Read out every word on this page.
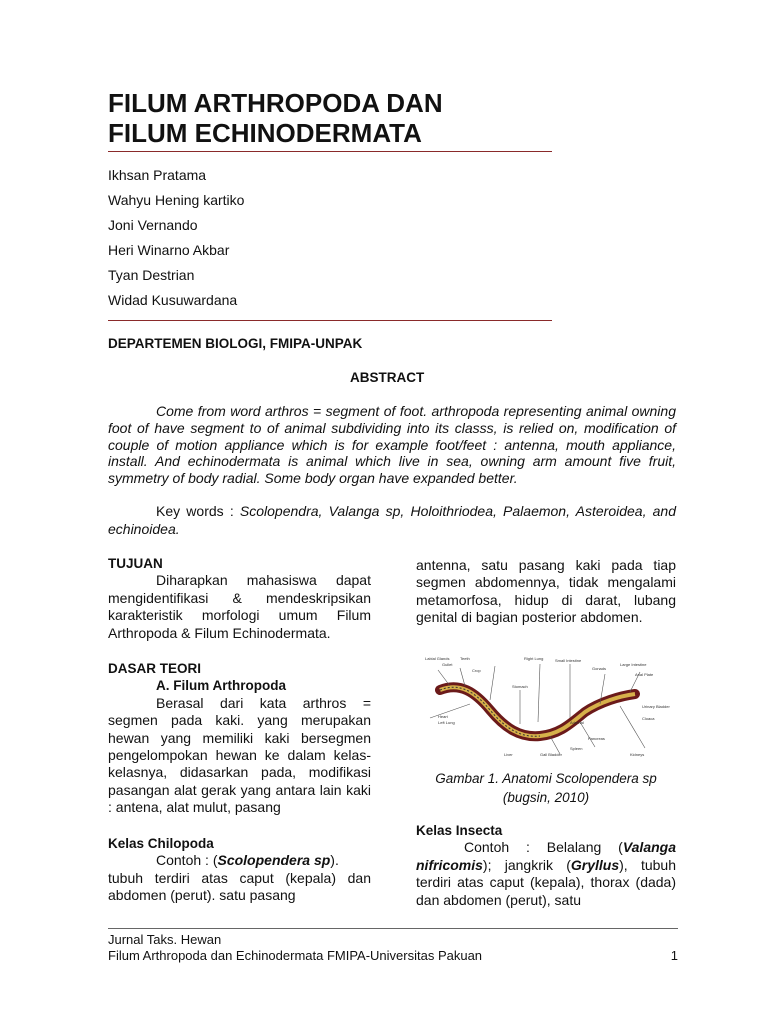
FILUM ARTHROPODA DAN
FILUM ECHINODERMATA
Ikhsan Pratama
Wahyu Hening kartiko
Joni Vernando
Heri Winarno Akbar
Tyan Destrian
Widad Kusuwardana
DEPARTEMEN BIOLOGI, FMIPA-UNPAK
ABSTRACT

Come from word arthros = segment of foot. arthropoda representing animal owning foot of have segment to of animal subdividing into its classs, is relied on, modification of couple of motion appliance which is for example foot/feet : antenna, mouth appliance, install. And echinodermata is animal which live in sea, owning arm amount five fruit, symmetry of body radial. Some body organ have expanded better.

Key words : Scolopendra, Valanga sp, Holoithriodea, Palaemon, Asteroidea, and echinoidea.
TUJUAN

Diharapkan mahasiswa dapat mengidentifikasi & mendeskripsikan karakteristik morfologi umum Filum Arthropoda & Filum Echinodermata.

DASAR TEORI
A. Filum Arthropoda

Berasal dari kata arthros = segmen pada kaki. yang merupakan hewan yang memiliki kaki bersegmen pengelompokan hewan ke dalam kelas-kelasnya, didasarkan pada, modifikasi pasangan alat gerak yang antara lain kaki : antena, alat mulut, pasang

Kelas Chilopoda

Contoh : (Scolopendera sp).

tubuh terdiri atas caput (kepala) dan abdomen (perut). satu pasang

antenna, satu pasang kaki pada tiap segmen abdomennya, tidak mengalami metamorfosa, hidup di darat, lubang genital di bagian posterior abdomen.

Labial Glands	Teeth
Gullet
Right Lung	Small Intestine
Gonads
Large Intestine
Anal Plate
Crop
Stomach
Heart
Left Lung
Gall Bladder
Liver
Pancreas
Spleen
Kidneys
Adrenal
Cloaca
Urinary Bladder
Gambar 1. Anatomi Scolopendera sp
(bugsin, 2010)
Kelas Insecta

Contoh : Belalang (Valanga nifricomis); jangkrik (Gryllus), tubuh terdiri atas caput (kepala), thorax (dada) dan abdomen (perut), satu

Jurnal Taks. Hewan
Filum Arthropoda dan Echinodermata FMIPA-Universitas Pakuan	1
